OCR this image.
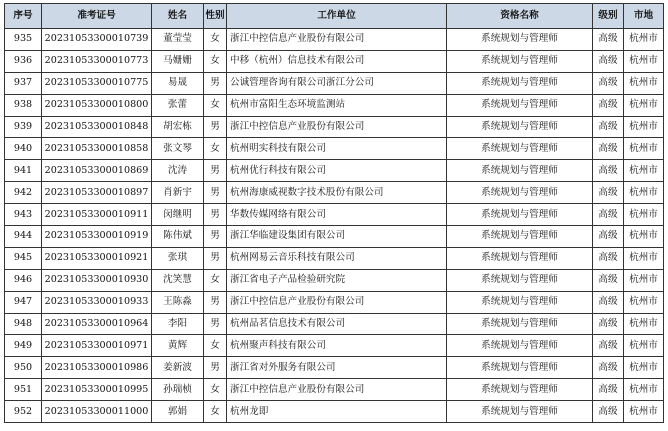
序号	准考证号	姓名	性别	工作单位	资格名称	级别	市地
935	20231053300010739	董莹莹	女	浙江中控信息产业股份有限公司	系统规划与管理师	高级	杭州市
936	20231053300010773	马姗姗	女	中移（杭州）信息技术有限公司	系统规划与管理师	高级	杭州市
937	20231053300010775	易晟	男	公诚管理咨询有限公司浙江分公司	系统规划与管理师	高级	杭州市
938	20231053300010800	张蕾	女	杭州市富阳生态环境监测站	系统规划与管理师	高级	杭州市
939	20231053300010848	胡宏栋	男	浙江中控信息产业股份有限公司	系统规划与管理师	高级	杭州市
940	20231053300010858	张文琴	女	杭州明实科技有限公司	系统规划与管理师	高级	杭州市
941	20231053300010869	沈涛	男	杭州优行科技有限公司	系统规划与管理师	高级	杭州市
942	20231053300010897	肖新宇	男	杭州海康威视数字技术股份有限公司	系统规划与管理师	高级	杭州市
943	20231053300010911	闵继明	男	华数传媒网络有限公司	系统规划与管理师	高级	杭州市
944	20231053300010919	陈伟斌	男	浙江华临建设集团有限公司	系统规划与管理师	高级	杭州市
945	20231053300010921	张琪	男	杭州网易云音乐科技有限公司	系统规划与管理师	高级	杭州市
946	20231053300010930	沈笑慧	女	浙江省电子产品检验研究院	系统规划与管理师	高级	杭州市
947	20231053300010933	王陈淼	男	浙江中控信息产业股份有限公司	系统规划与管理师	高级	杭州市
948	20231053300010964	李阳	男	杭州品茗信息技术有限公司	系统规划与管理师	高级	杭州市
949	20231053300010971	黄辉	女	杭州聚声科技有限公司	系统规划与管理师	高级	杭州市
950	20231053300010986	姜新波	男	浙江省对外服务有限公司	系统规划与管理师	高级	杭州市
951	20231053300010995	孙瑞桢	女	浙江中控信息产业股份有限公司	系统规划与管理师	高级	杭州市
952	20231053300011000	郭娟	女	杭州龙即	系统规划与管理师	高级	杭州市
